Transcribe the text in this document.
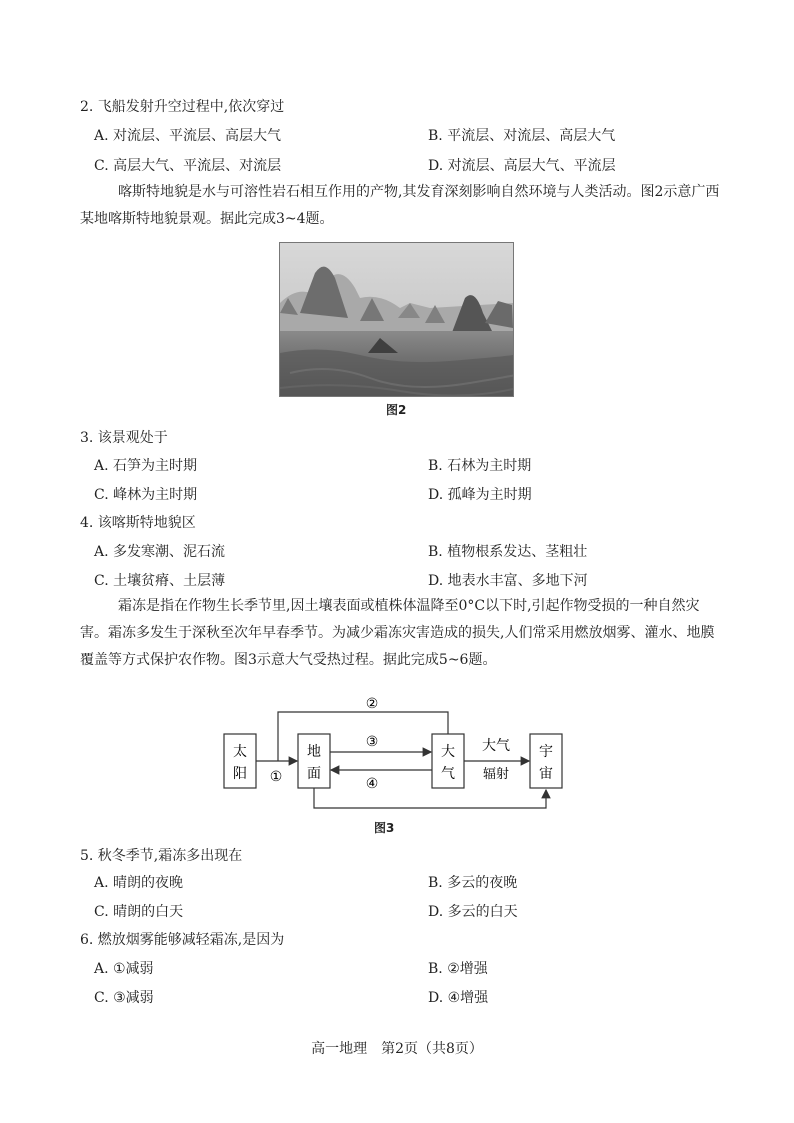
2. 飞船发射升空过程中,依次穿过
A. 对流层、平流层、高层大气	B. 平流层、对流层、高层大气
C. 高层大气、平流层、对流层	D. 对流层、高层大气、平流层
喀斯特地貌是水与可溶性岩石相互作用的产物,其发育深刻影响自然环境与人类活动。图2示意广西某地喀斯特地貌景观。据此完成3~4题。
图2
3. 该景观处于
A. 石笋为主时期	B. 石林为主时期
C. 峰林为主时期	D. 孤峰为主时期
4. 该喀斯特地貌区
A. 多发寒潮、泥石流	B. 植物根系发达、茎粗壮
C. 土壤贫瘠、土层薄	D. 地表水丰富、多地下河
霜冻是指在作物生长季节里,因土壤表面或植株体温降至0°C以下时,引起作物受损的一种自然灾害。霜冻多发生于深秋至次年早春季节。为减少霜冻灾害造成的损失,人们常采用燃放烟雾、灌水、地膜覆盖等方式保护农作物。图3示意大气受热过程。据此完成5~6题。
太
阳
地
面
大
气
宇
宙
①
②
③
④
大气
辐射
图3
5. 秋冬季节,霜冻多出现在
A. 晴朗的夜晚	B. 多云的夜晚
C. 晴朗的白天	D. 多云的白天
6. 燃放烟雾能够减轻霜冻,是因为
A. ①减弱	B. ②增强
C. ③减弱	D. ④增强
高一地理　第2页（共8页）
